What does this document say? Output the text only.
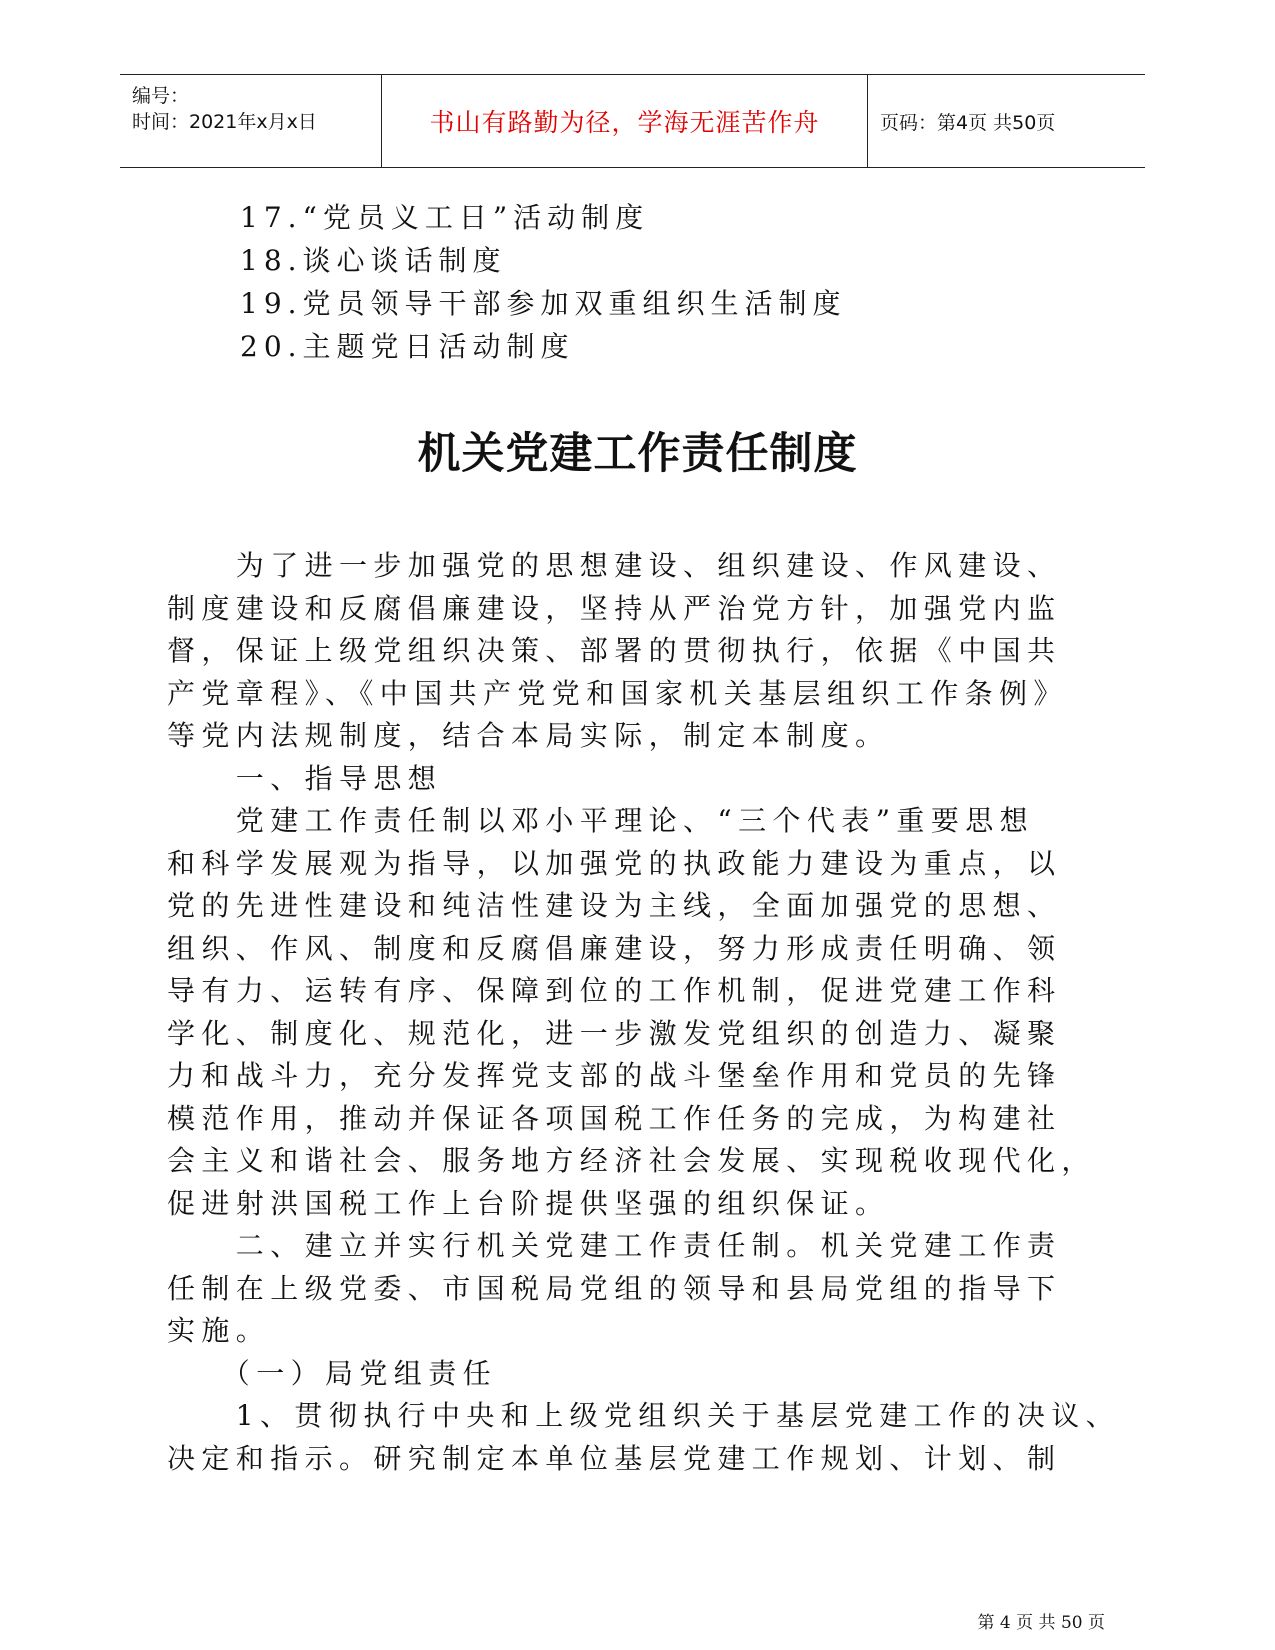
编号：
时间：2021年x月x日	书山有路勤为径，学海无涯苦作舟	页码：第4页 共50页
17.“党员义工日”活动制度
18.谈心谈话制度
19.党员领导干部参加双重组织生活制度
20.主题党日活动制度
机关党建工作责任制度
　　为了进一步加强党的思想建设、组织建设、作风建设、
制度建设和反腐倡廉建设，坚持从严治党方针，加强党内监
督，保证上级党组织决策、部署的贯彻执行，依据《中国共
产党章程》、《中国共产党党和国家机关基层组织工作条例》
等党内法规制度，结合本局实际，制定本制度。
　　一、指导思想
　　党建工作责任制以邓小平理论、“三个代表”重要思想
和科学发展观为指导，以加强党的执政能力建设为重点，以
党的先进性建设和纯洁性建设为主线，全面加强党的思想、
组织、作风、制度和反腐倡廉建设，努力形成责任明确、领
导有力、运转有序、保障到位的工作机制，促进党建工作科
学化、制度化、规范化，进一步激发党组织的创造力、凝聚
力和战斗力，充分发挥党支部的战斗堡垒作用和党员的先锋
模范作用，推动并保证各项国税工作任务的完成，为构建社
会主义和谐社会、服务地方经济社会发展、实现税收现代化，
促进射洪国税工作上台阶提供坚强的组织保证。
　　二、建立并实行机关党建工作责任制。机关党建工作责
任制在上级党委、市国税局党组的领导和县局党组的指导下
实施。
　　（一）局党组责任
　　1、贯彻执行中央和上级党组织关于基层党建工作的决议、
决定和指示。研究制定本单位基层党建工作规划、计划、制
第 4 页 共 50 页
